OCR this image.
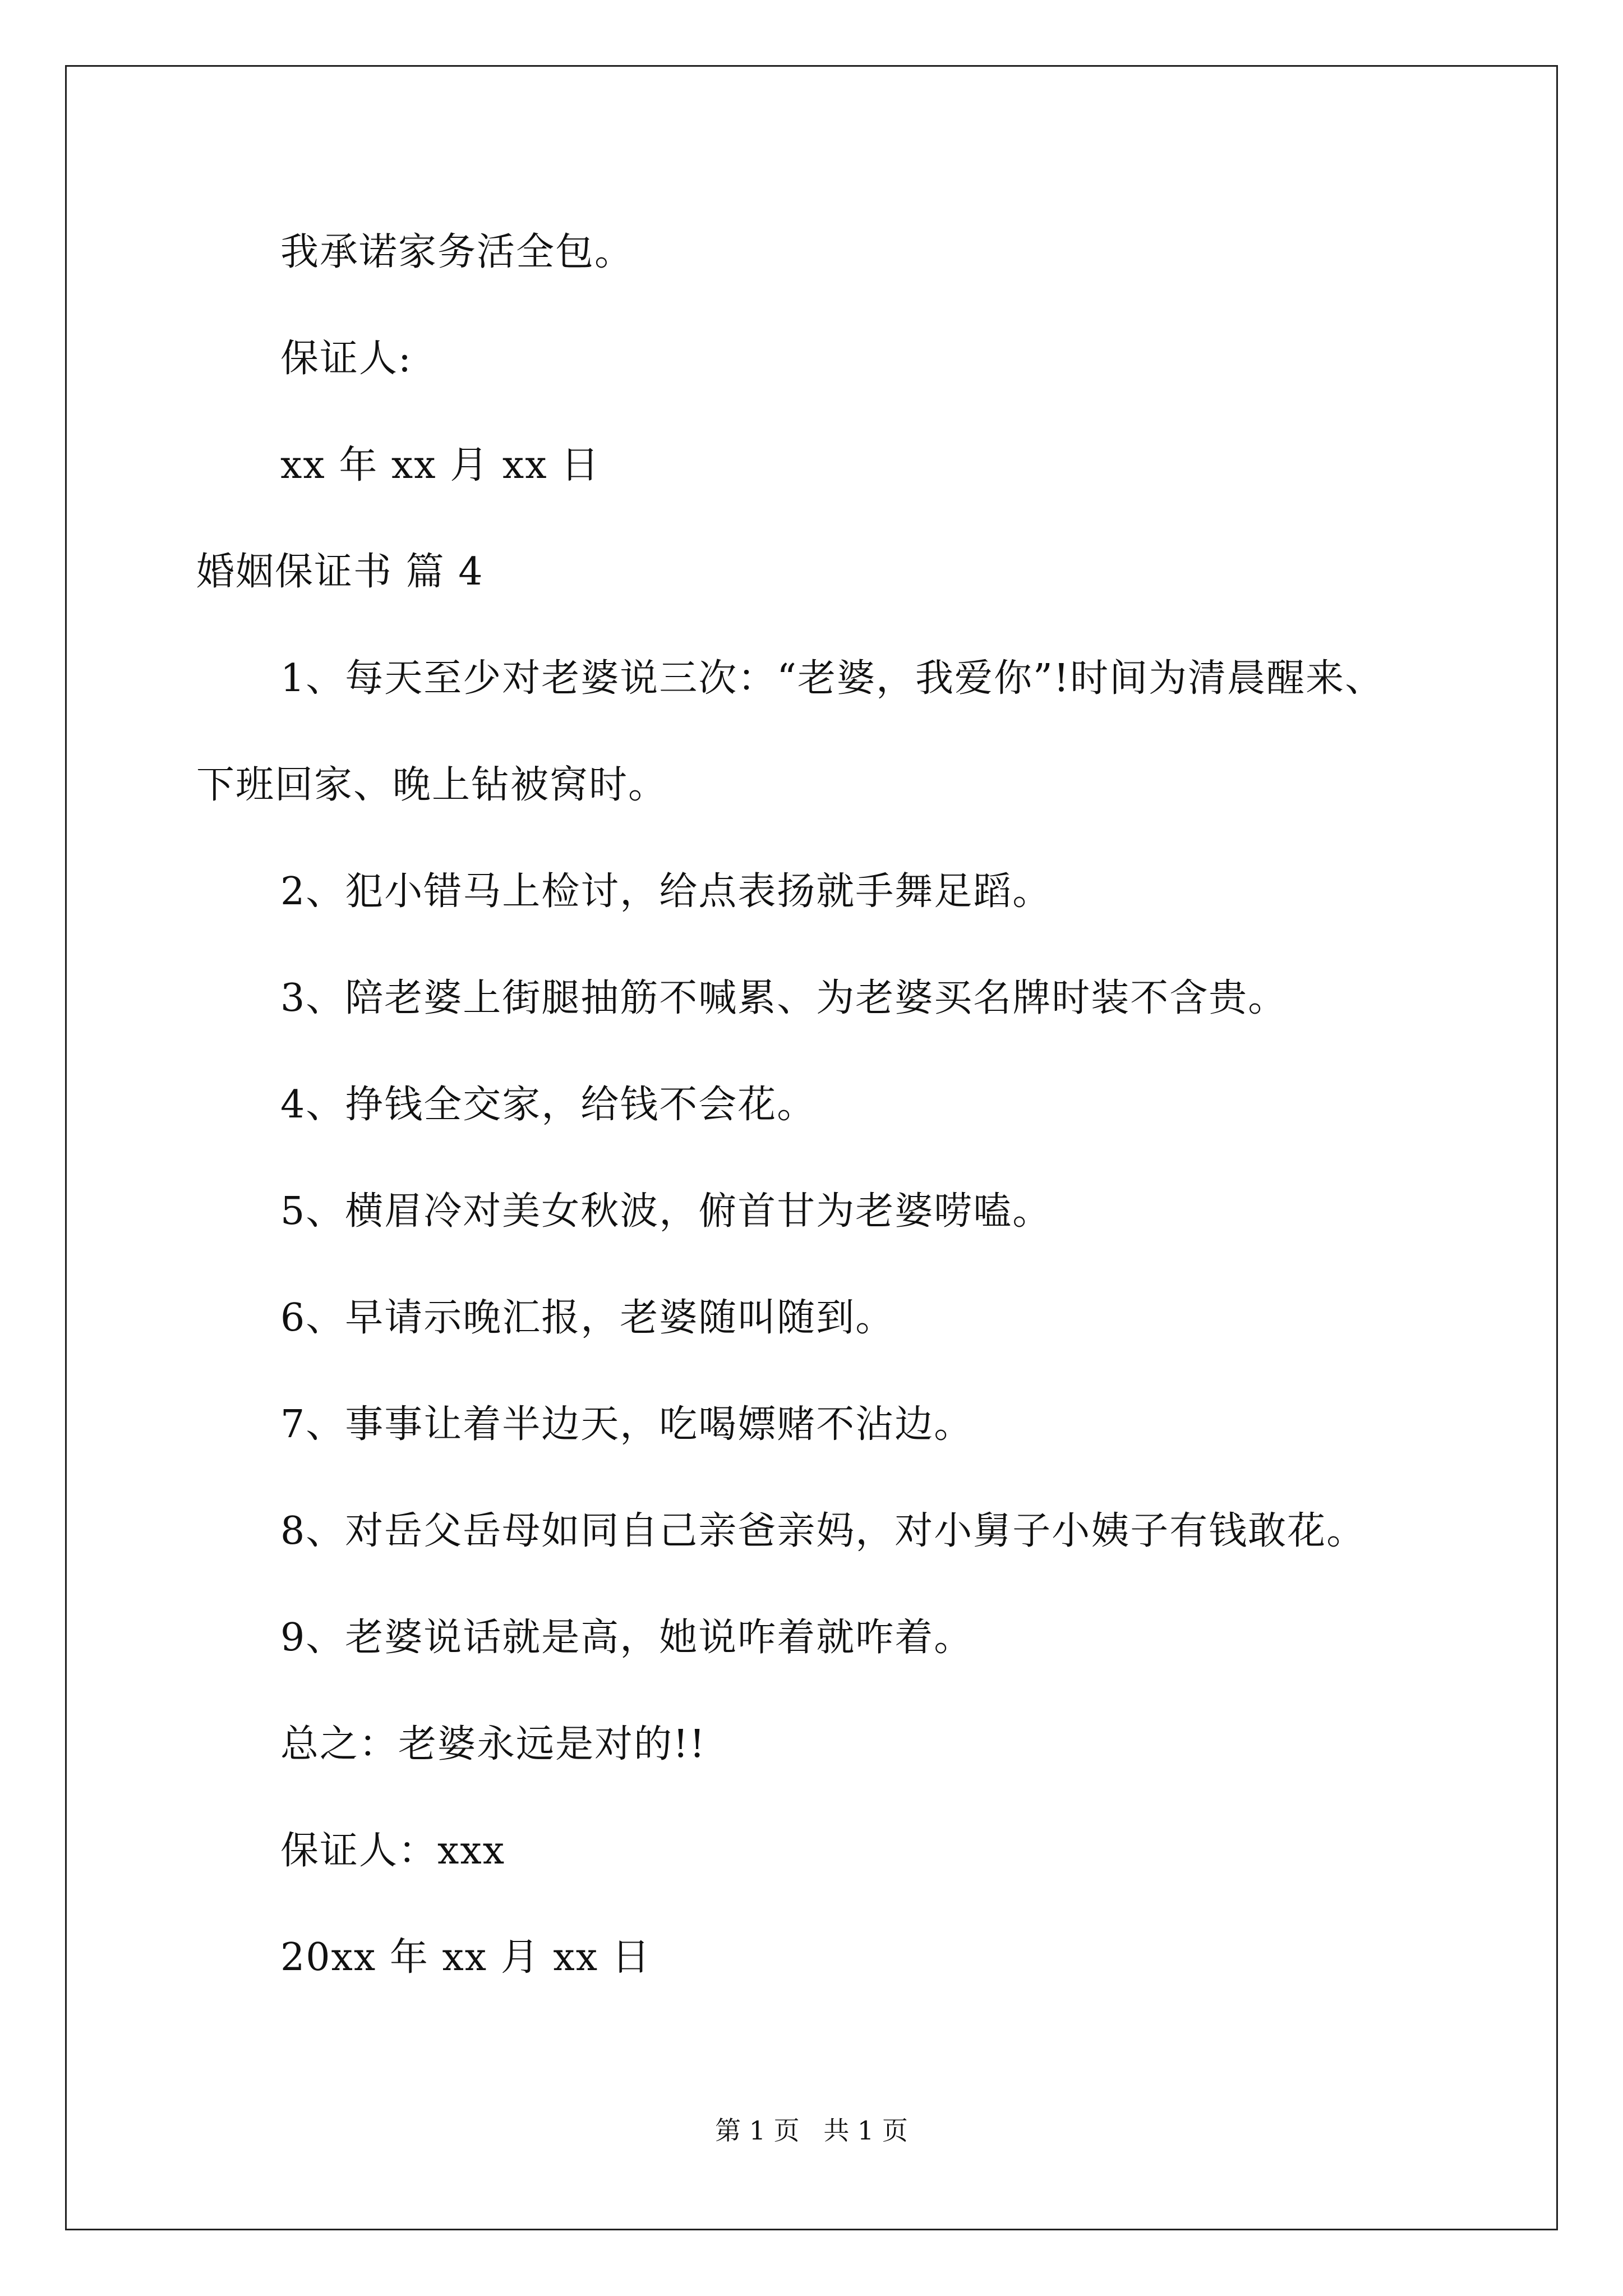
我承诺家务活全包。
保证人:
xx 年 xx 月 xx 日
婚姻保证书 篇 4
1、每天至少对老婆说三次：“老婆，我爱你”!时间为清晨醒来、
下班回家、晚上钻被窝时。
2、犯小错马上检讨，给点表扬就手舞足蹈。
3、陪老婆上街腿抽筋不喊累、为老婆买名牌时装不含贵。
4、挣钱全交家，给钱不会花。
5、横眉冷对美女秋波，俯首甘为老婆唠嗑。
6、早请示晚汇报，老婆随叫随到。
7、事事让着半边天，吃喝嫖赌不沾边。
8、对岳父岳母如同自己亲爸亲妈，对小舅子小姨子有钱敢花。
9、老婆说话就是高，她说咋着就咋着。
总之：老婆永远是对的!!
保证人：xxx
20xx 年 xx 月 xx 日
第 1 页 共 1 页
